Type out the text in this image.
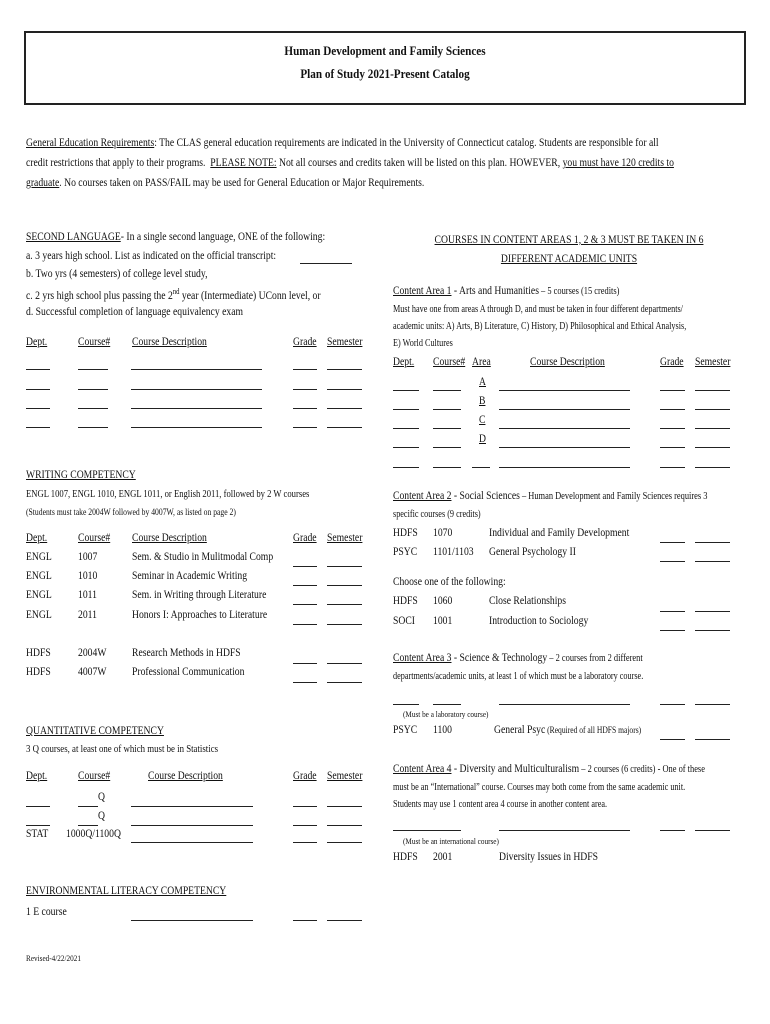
Human Development and Family Sciences
Plan of Study 2021-Present Catalog
General Education Requirements: The CLAS general education requirements are indicated in the University of Connecticut catalog. Students are responsible for all
credit restrictions that apply to their programs. PLEASE NOTE: Not all courses and credits taken will be listed on this plan. HOWEVER, you must have 120 credits to
graduate. No courses taken on PASS/FAIL may be used for General Education or Major Requirements.
SECOND LANGUAGE- In a single second language, ONE of the following:
a. 3 years high school. List as indicated on the official transcript:
b. Two yrs (4 semesters) of college level study,
c. 2 yrs high school plus passing the 2nd year (Intermediate) UConn level, or
d. Successful completion of language equivalency exam
Dept.	Course# Course Description	Grade Semester
WRITING COMPETENCY
ENGL 1007, ENGL 1010, ENGL 1011, or English 2011, followed by 2 W courses
(Students must take 2004W followed by 4007W, as listed on page 2)
Dept.	Course# Course Description	Grade Semester
ENGL 1007	Sem. & Studio in Mulitmodal Comp
ENGL 1010	Seminar in Academic Writing
ENGL 1011	Sem. in Writing through Literature
ENGL 2011	Honors I: Approaches to Literature
HDFS 2004W Research Methods in HDFS
HDFS 4007W Professional Communication
QUANTITATIVE COMPETENCY
3 Q courses, at least one of which must be in Statistics
Dept.	Course#	Course Description	Grade Semester
Q
Q
STAT 1000Q/1100Q
ENVIRONMENTAL LITERACY COMPETENCY
1 E course
Revised-4/22/2021
COURSES IN CONTENT AREAS 1, 2 & 3 MUST BE TAKEN IN 6
DIFFERENT ACADEMIC UNITS
Content Area 1 - Arts and Humanities – 5 courses (15 credits)
Must have one from areas A through D, and must be taken in four different departments/
academic units: A) Arts, B) Literature, C) History, D) Philosophical and Ethical Analysis,
E) World Cultures
Dept. Course# Area	Course Description	Grade Semester
A
B
C
D
Content Area 2 - Social Sciences – Human Development and Family Sciences requires 3
specific courses (9 credits)
HDFS 1070	Individual and Family Development
PSYC 1101/1103 General Psychology II
Choose one of the following:
HDFS 1060	Close Relationships
SOCI 1001	Introduction to Sociology
Content Area 3 - Science & Technology – 2 courses from 2 different
departments/academic units, at least 1 of which must be a laboratory course.
(Must be a laboratory course)
PSYC 1100	General Psyc (Required of all HDFS majors)
Content Area 4 - Diversity and Multiculturalism – 2 courses (6 credits) - One of these
must be an “International” course. Courses may both come from the same academic unit.
Students may use 1 content area 4 course in another content area.
(Must be an international course)
HDFS 2001	Diversity Issues in HDFS
